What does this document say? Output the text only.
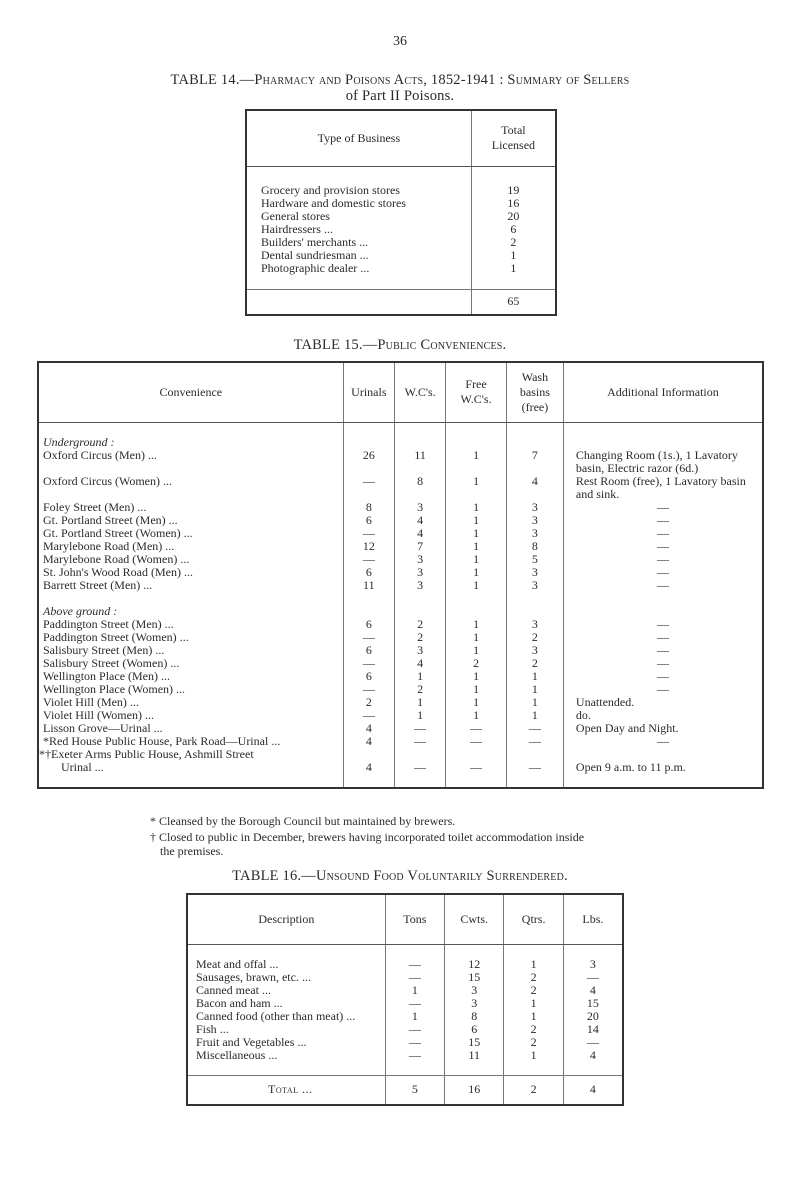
36
TABLE 14.—Pharmacy and Poisons Acts, 1852-1941 : Summary of Sellers
of Part II Poisons.
Type of Business	Total Licensed

Grocery and provision stores	19
Hardware and domestic stores	16
General stores	20
Hairdressers ...	6
Builders' merchants ...	2
Dental sundriesman ...	1
Photographic dealer ...	1

	65
TABLE 15.—Public Conveniences.
Convenience	Urinals	W.C's.	Free W.C's.	Wash basins (free)	Additional Information

Underground :					
Oxford Circus (Men) ...	26	11	1	7	Changing Room (1s.), 1 Lavatory basin, Electric razor (6d.)
Oxford Circus (Women) ...	—	8	1	4	Rest Room (free), 1 Lavatory basin and sink.
Foley Street (Men) ...	8	3	1	3	—
Gt. Portland Street (Men) ...	6	4	1	3	—
Gt. Portland Street (Women) ...	—	4	1	3	—
Marylebone Road (Men) ...	12	7	1	8	—
Marylebone Road (Women) ...	—	3	1	5	—
St. John's Wood Road (Men) ...	6	3	1	3	—
Barrett Street (Men) ...	11	3	1	3	—

Above ground :					
Paddington Street (Men) ...	6	2	1	3	—
Paddington Street (Women) ...	—	2	1	2	—
Salisbury Street (Men) ...	6	3	1	3	—
Salisbury Street (Women) ...	—	4	2	2	—
Wellington Place (Men) ...	6	1	1	1	—
Wellington Place (Women) ...	—	2	1	1	—
Violet Hill (Men) ...	2	1	1	1	Unattended.
Violet Hill (Women) ...	—	1	1	1	do.
Lisson Grove—Urinal ...	4	—	—	—	Open Day and Night.
*Red House Public House, Park Road—Urinal ...	4	—	—	—	—
*†Exeter Arms Public House, Ashmill Street					
Urinal ...	4	—	—	—	Open 9 a.m. to 11 p.m.

* Cleansed by the Borough Council but maintained by brewers.
† Closed to public in December, brewers having incorporated toilet accommodation inside
the premises.
TABLE 16.—Unsound Food Voluntarily Surrendered.
Description	Tons	Cwts.	Qtrs.	Lbs.

Meat and offal ...	—	12	1	3
Sausages, brawn, etc. ...	—	15	2	—
Canned meat ...	1	3	2	4
Bacon and ham ...	—	3	1	15
Canned food (other than meat) ...	1	8	1	20
Fish ...	—	6	2	14
Fruit and Vegetables ...	—	15	2	—
Miscellaneous ...	—	11	1	4

Total ...	5	16	2	4
